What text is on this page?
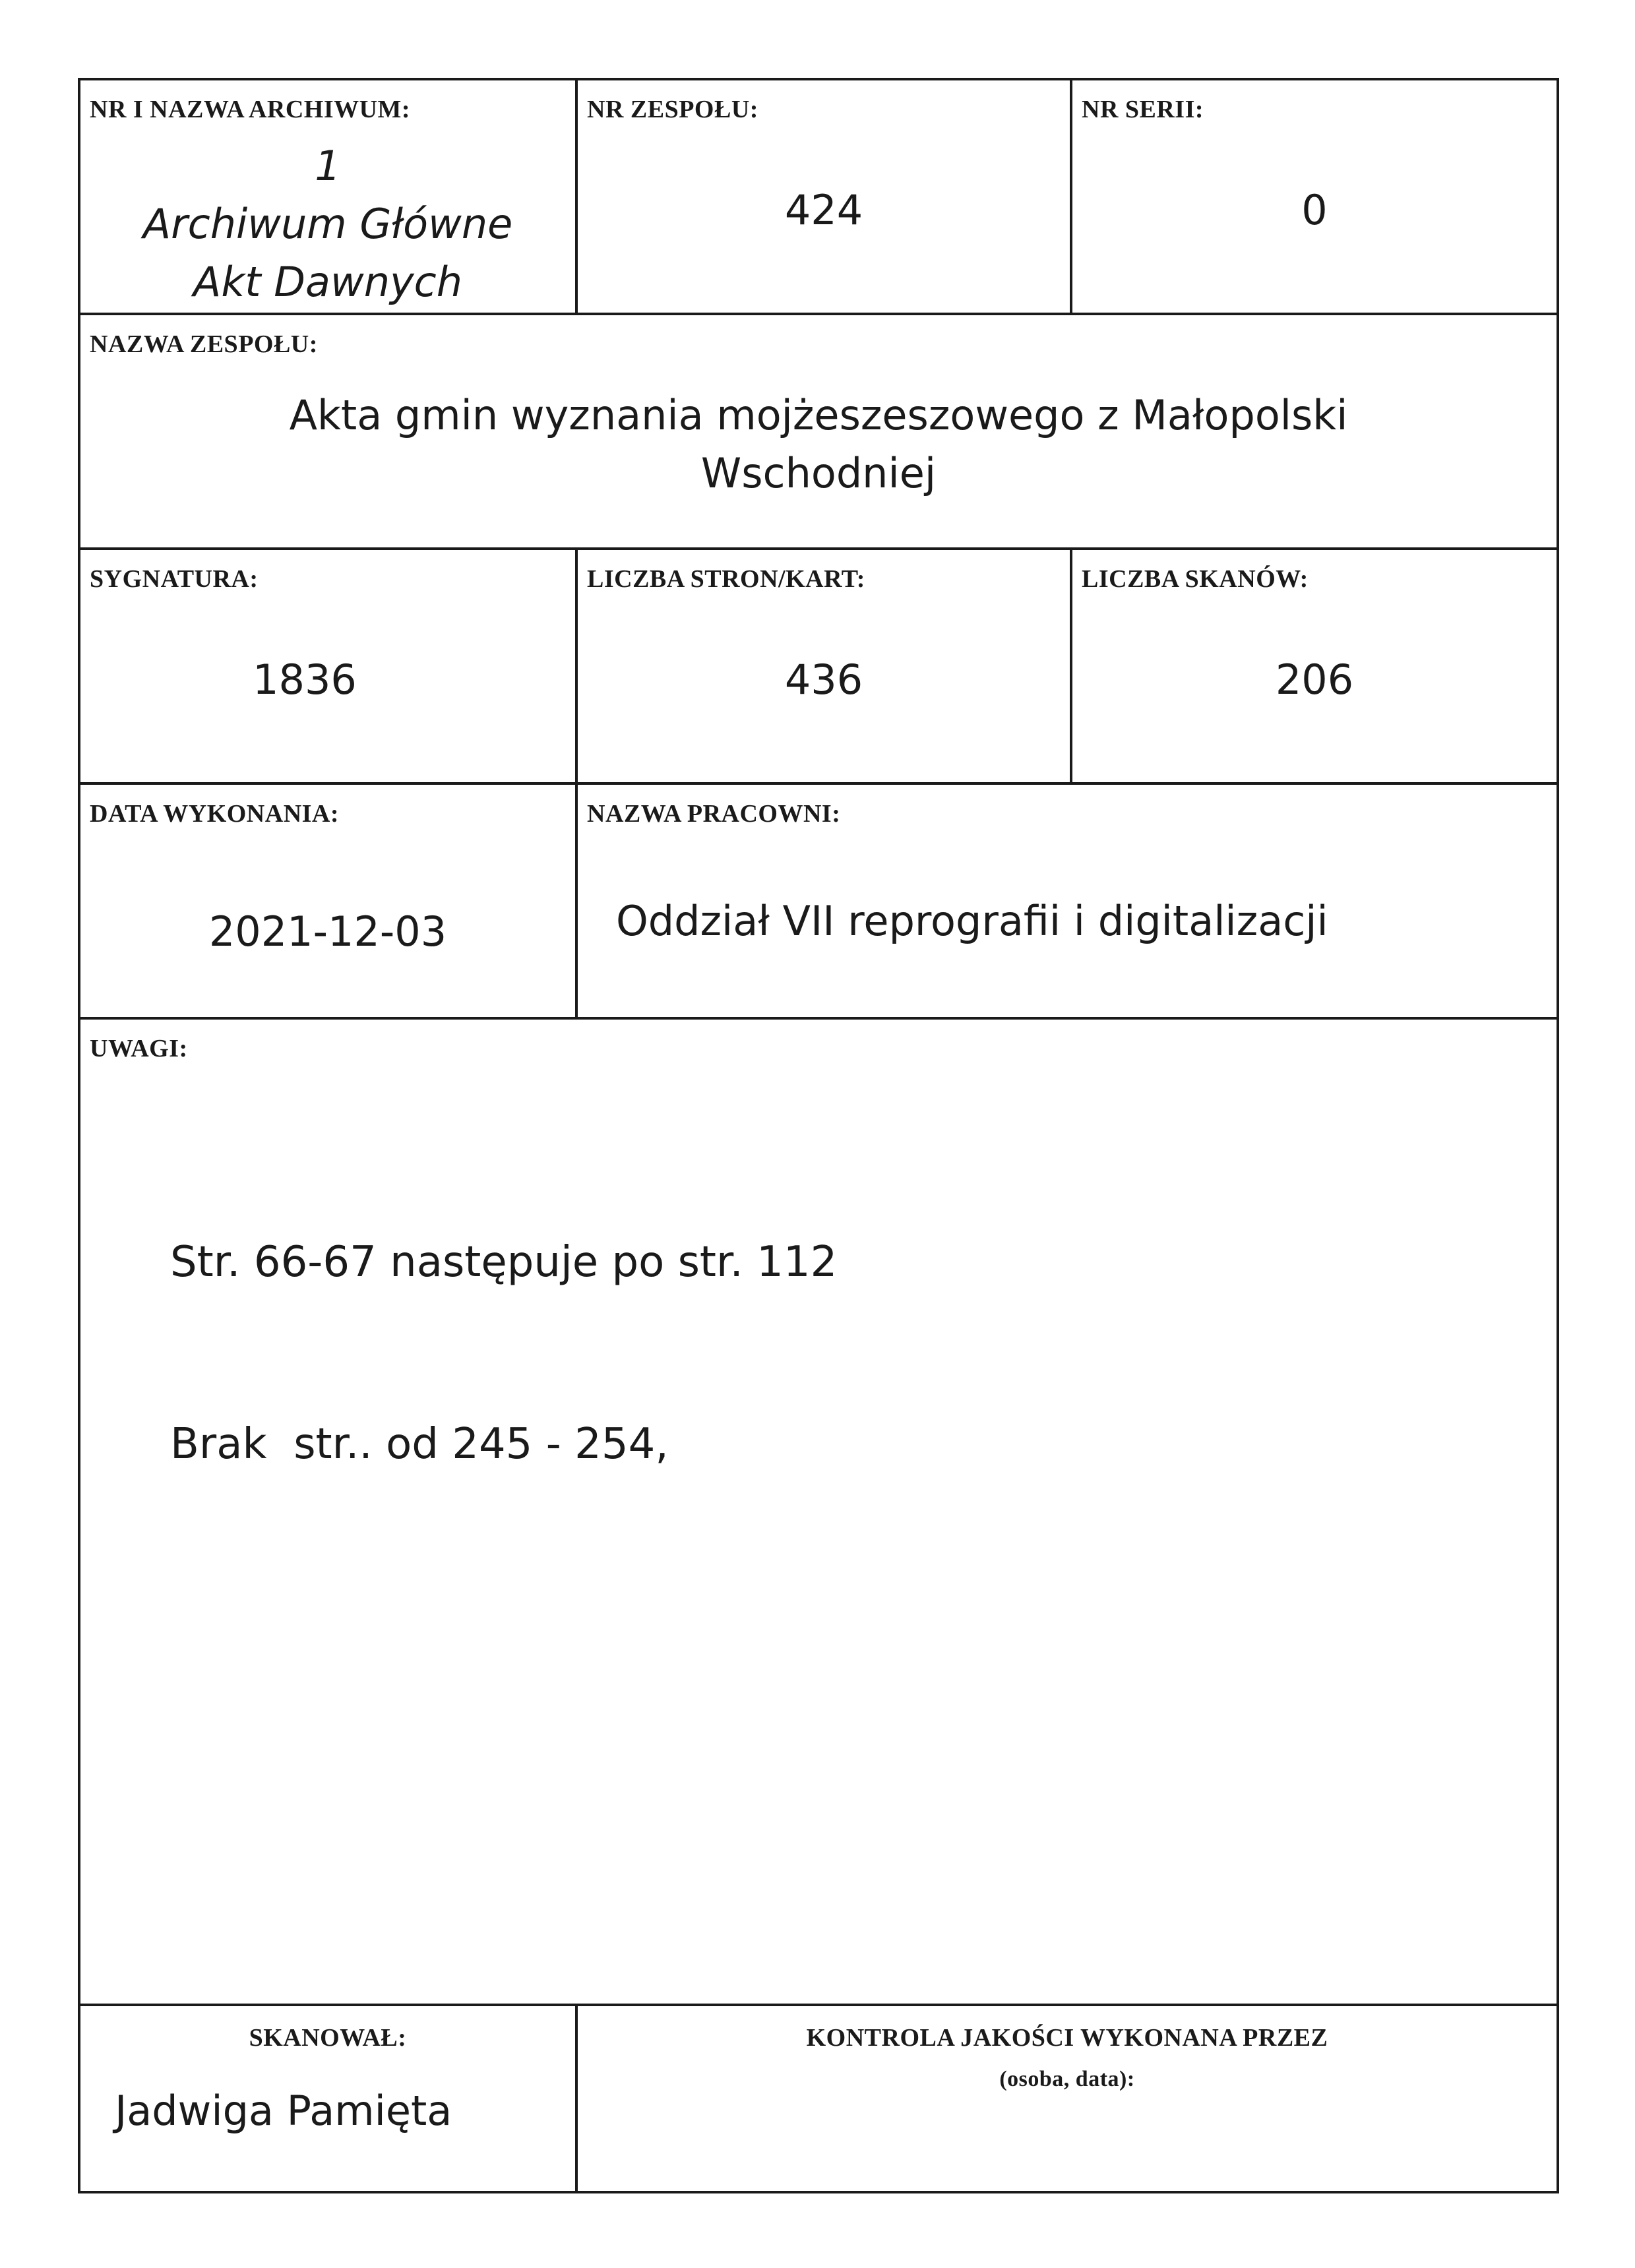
NR I NAZWA ARCHIWUM:
1
Archiwum Główne
Akt Dawnych
NR ZESPOŁU:
424
NR SERII:
0
NAZWA ZESPOŁU:
Akta gmin wyznania mojżeszeszowego z Małopolski
Wschodniej
SYGNATURA:
1836
LICZBA STRON/KART:
436
LICZBA SKANÓW:
206
DATA WYKONANIA:
2021-12-03
NAZWA PRACOWNI:
Oddział VII reprografii i digitalizacji
UWAGI:

Str. 66-67 następuje po str. 112

Brak  str.. od 245 - 254,

SKANOWAŁ:
Jadwiga Pamięta
KONTROLA JAKOŚCI WYKONANA PRZEZ
(osoba, data):
